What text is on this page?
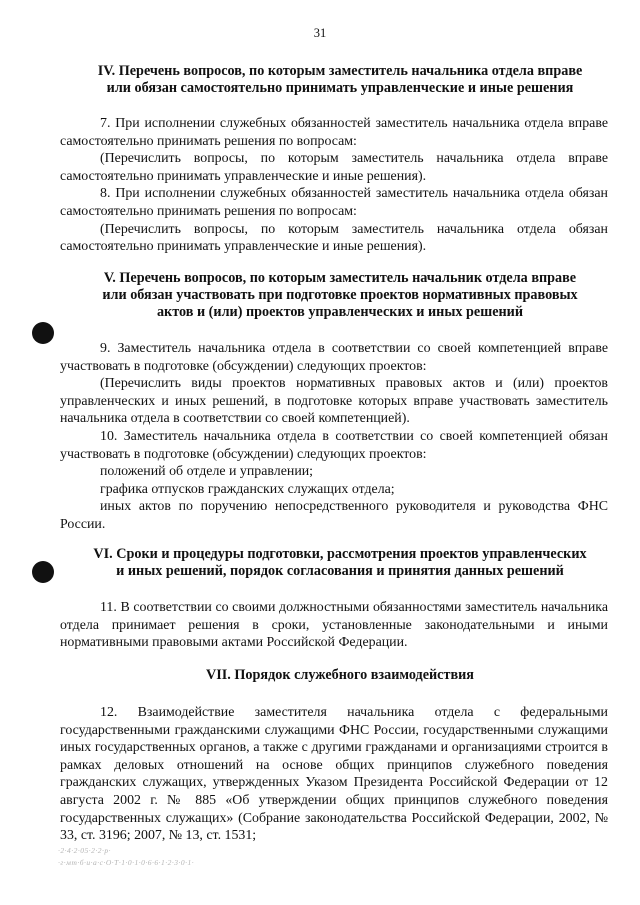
31
IV. Перечень вопросов, по которым заместитель начальника отдела вправе
или обязан самостоятельно принимать управленческие и иные решения

7. При исполнении служебных обязанностей заместитель начальника отдела вправе самостоятельно принимать решения по вопросам:

(Перечислить вопросы, по которым заместитель начальника отдела вправе самостоятельно принимать управленческие и иные решения).

8. При исполнении служебных обязанностей заместитель начальника отдела обязан самостоятельно принимать решения по вопросам:

(Перечислить вопросы, по которым заместитель начальника отдела обязан самостоятельно принимать управленческие и иные решения).

V. Перечень вопросов, по которым заместитель начальник отдела вправе
или обязан участвовать при подготовке проектов нормативных правовых
актов и (или) проектов управленческих и иных решений

9. Заместитель начальника отдела в соответствии со своей компетенцией вправе участвовать в подготовке (обсуждении) следующих проектов:

(Перечислить виды проектов нормативных правовых актов и (или) проектов управленческих и иных решений, в подготовке которых вправе участвовать заместитель начальника отдела в соответствии со своей компетенцией).

10. Заместитель начальника отдела в соответствии со своей компетенцией обязан участвовать в подготовке (обсуждении) следующих проектов:

положений об отделе и управлении;

графика отпусков гражданских служащих отдела;

иных актов по поручению непосредственного руководителя и руководства ФНС России.

VI. Сроки и процедуры подготовки, рассмотрения проектов управленческих
и иных решений, порядок согласования и принятия данных решений

11. В соответствии со своими должностными обязанностями заместитель начальника отдела принимает решения в сроки, установленные законодательными и иными нормативными правовыми актами Российской Федерации.

VII. Порядок служебного взаимодействия

12. Взаимодействие заместителя начальника отдела с федеральными государственными гражданскими служащими ФНС России, государственными служащими иных государственных органов, а также с другими гражданами и организациями строится в рамках деловых отношений на основе общих принципов служебного поведения гражданских служащих, утвержденных Указом Президента Российской Федерации от 12 августа 2002 г. № 885 «Об утверждении общих принципов служебного поведения государственных служащих» (Собрание законодательства Российской Федерации, 2002, № 33, ст. 3196; 2007, № 13, ст. 1531;

·2·4·2·05·2·2·р·
·г·мт·б·и·а·с·О·Т·1·0·1·0·6·6·1·2·3·0·1·
